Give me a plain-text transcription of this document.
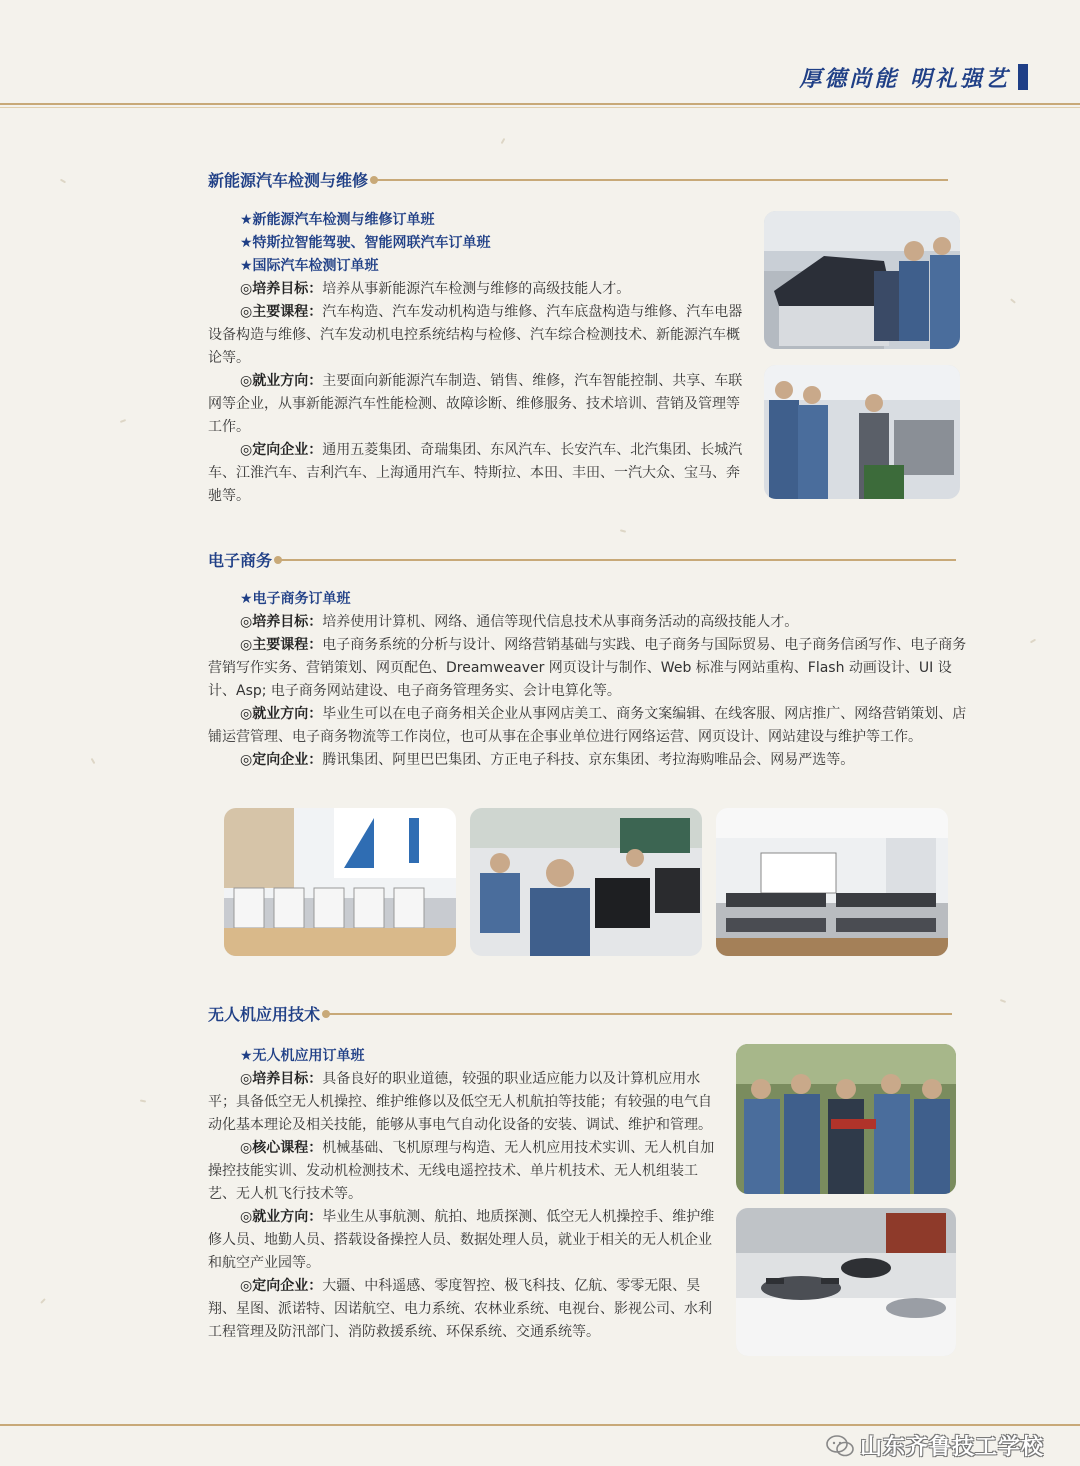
厚德尚能 明礼强艺
新能源汽车检测与维修

★新能源汽车检测与维修订单班

★特斯拉智能驾驶、智能网联汽车订单班

★国际汽车检测订单班

◎培养目标：培养从事新能源汽车检测与维修的高级技能人才。

◎主要课程：汽车构造、汽车发动机构造与维修、汽车底盘构造与维修、汽车电器设备构造与维修、汽车发动机电控系统结构与检修、汽车综合检测技术、新能源汽车概论等。

◎就业方向：主要面向新能源汽车制造、销售、维修，汽车智能控制、共享、车联网等企业，从事新能源汽车性能检测、故障诊断、维修服务、技术培训、营销及管理等工作。

◎定向企业：通用五菱集团、奇瑞集团、东风汽车、长安汽车、北汽集团、长城汽车、江淮汽车、吉利汽车、上海通用汽车、特斯拉、本田、丰田、一汽大众、宝马、奔驰等。

电子商务

★电子商务订单班

◎培养目标：培养使用计算机、网络、通信等现代信息技术从事商务活动的高级技能人才。

◎主要课程：电子商务系统的分析与设计、网络营销基础与实践、电子商务与国际贸易、电子商务信函写作、电子商务营销写作实务、营销策划、网页配色、Dreamweaver 网页设计与制作、Web 标准与网站重构、Flash 动画设计、UI 设计、Asp; 电子商务网站建设、电子商务管理务实、会计电算化等。

◎就业方向：毕业生可以在电子商务相关企业从事网店美工、商务文案编辑、在线客服、网店推广、网络营销策划、店铺运营管理、电子商务物流等工作岗位，也可从事在企事业单位进行网络运营、网页设计、网站建设与维护等工作。

◎定向企业：腾讯集团、阿里巴巴集团、方正电子科技、京东集团、考拉海购唯品会、网易严选等。

无人机应用技术

★无人机应用订单班

◎培养目标：具备良好的职业道德，较强的职业适应能力以及计算机应用水平；具备低空无人机操控、维护维修以及低空无人机航拍等技能；有较强的电气自动化基本理论及相关技能，能够从事电气自动化设备的安装、调试、维护和管理。

◎核心课程：机械基础、飞机原理与构造、无人机应用技术实训、无人机自加操控技能实训、发动机检测技术、无线电遥控技术、单片机技术、无人机组装工艺、无人机飞行技术等。

◎就业方向：毕业生从事航测、航拍、地质探测、低空无人机操控手、维护维修人员、地勤人员、搭载设备操控人员、数据处理人员，就业于相关的无人机企业和航空产业园等。

◎定向企业：大疆、中科遥感、零度智控、极飞科技、亿航、零零无限、昊翔、星图、派诺特、因诺航空、电力系统、农林业系统、电视台、影视公司、水利工程管理及防汛部门、消防救援系统、环保系统、交通系统等。

山东齐鲁技工学校
